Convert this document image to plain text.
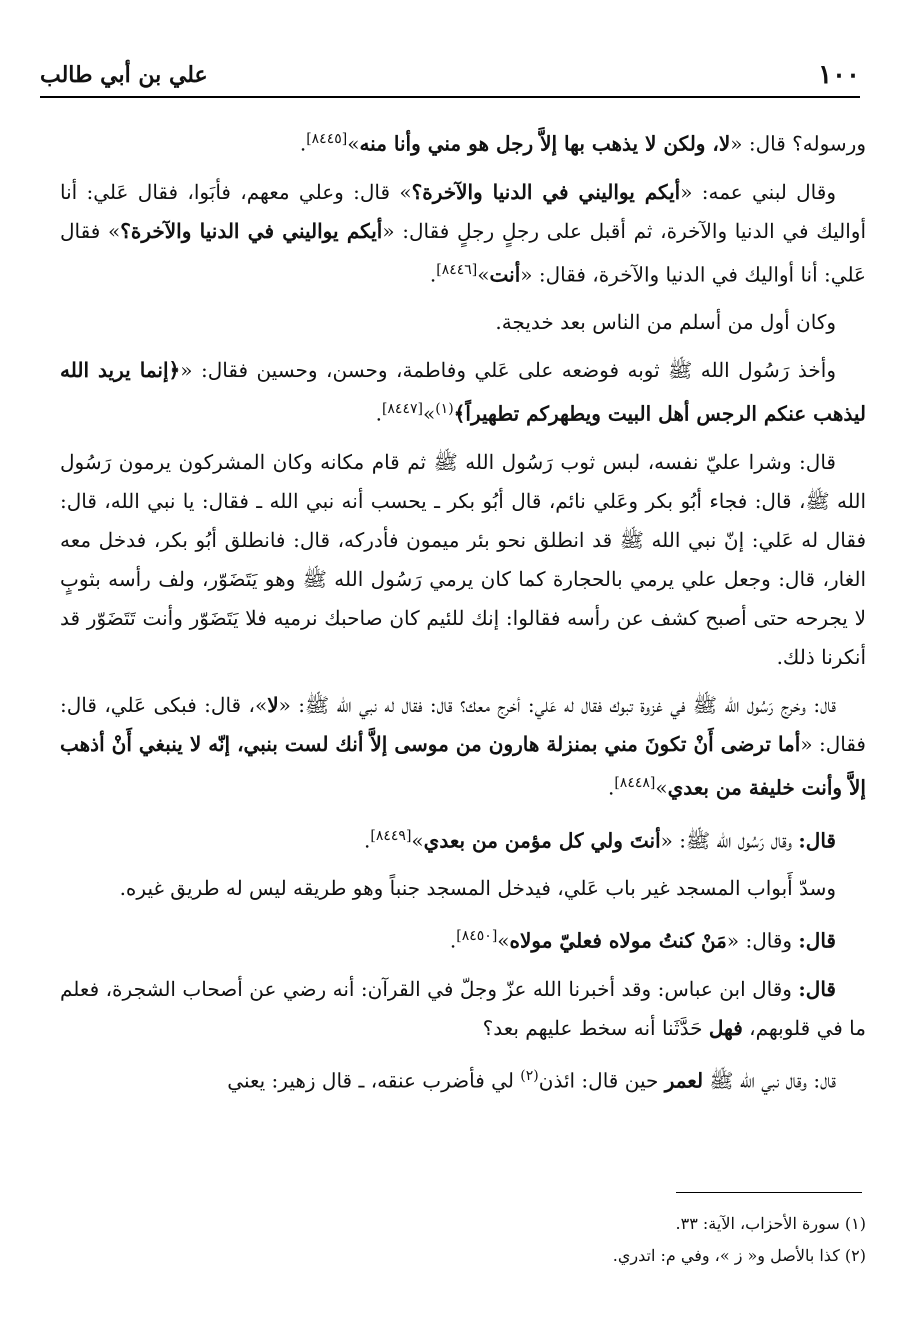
١٠٠
علي بن أبي طالب

ورسوله؟ قال: «لا، ولكن لا يذهب بها إلاَّ رجل هو مني وأنا منه»[٨٤٤٥].

وقال لبني عمه: «أيكم يواليني في الدنيا والآخرة؟» قال: وعلي معهم، فأبَوا، فقال عَلي: أنا أواليك في الدنيا والآخرة، ثم أقبل على رجلٍ رجلٍ فقال: «أيكم يواليني في الدنيا والآخرة؟» فقال عَلي: أنا أواليك في الدنيا والآخرة، فقال: «أنت»[٨٤٤٦].

وكان أول من أسلم من الناس بعد خديجة.

وأخذ رَسُول الله ﷺ ثوبه فوضعه على عَلي وفاطمة، وحسن، وحسين فقال: «﴿إنما يريد الله ليذهب عنكم الرجس أهل البيت ويطهركم تطهيراً﴾$^{(١)}$»[٨٤٤٧].

قال: وشرا عليّ نفسه، لبس ثوب رَسُول الله ﷺ ثم قام مكانه وكان المشركون يرمون رَسُول الله ﷺ، قال: فجاء أبُو بكر وعَلي نائم، قال أبُو بكر ـ يحسب أنه نبي الله ـ فقال: يا نبي الله، قال: فقال له عَلي: إنّ نبي الله ﷺ قد انطلق نحو بئر ميمون فأدركه، قال: فانطلق أبُو بكر، فدخل معه الغار، قال: وجعل علي يرمي بالحجارة كما كان يرمي رَسُول الله ﷺ وهو يَتَضَوّر، ولف رأسه بثوبٍ لا يجرحه حتى أصبح كشف عن رأسه فقالوا: إنك للئيم كان صاحبك نرميه فلا يَتَضَوّر وأنت تَتَضَوّر قد أنكرنا ذلك.

قال: وخرج رَسُول الله ﷺ في غزوة تبوك فقال له عَلي: أخرج معك؟ قال: فقال له نبي الله ﷺ: «لا»، قال: فبكى عَلي، قال: فقال: «أما ترضى أَنْ تكونَ مني بمنزلة هارون من موسى إلاَّ أنك لست بنبي، إنّه لا ينبغي أَنْ أذهب إلاَّ وأنت خليفة من بعدي»[٨٤٤٨].

قال: وقال رَسُول الله ﷺ: «أنتَ ولي كل مؤمن من بعدي»[٨٤٤٩].

وسدّ أَبواب المسجد غير باب عَلي، فيدخل المسجد جنباً وهو طريقه ليس له طريق غيره.

قال: وقال: «مَنْ كنتُ مولاه فعليّ مولاه»[٨٤٥٠].

قال: وقال ابن عباس: وقد أخبرنا الله عزّ وجلّ في القرآن: أنه رضي عن أصحاب الشجرة، فعلم ما في قلوبهم، فهل حَدَّثَنا أنه سخط عليهم بعد؟

قال: وقال نبي الله ﷺ لعمر حين قال: ائذن$^{(٢)}$ لي فأضرب عنقه، ـ قال زهير: يعني

(١) سورة الأحزاب، الآية: ٣٣.

(٢) كذا بالأصل و« ز »، وفي م: اتدري.
